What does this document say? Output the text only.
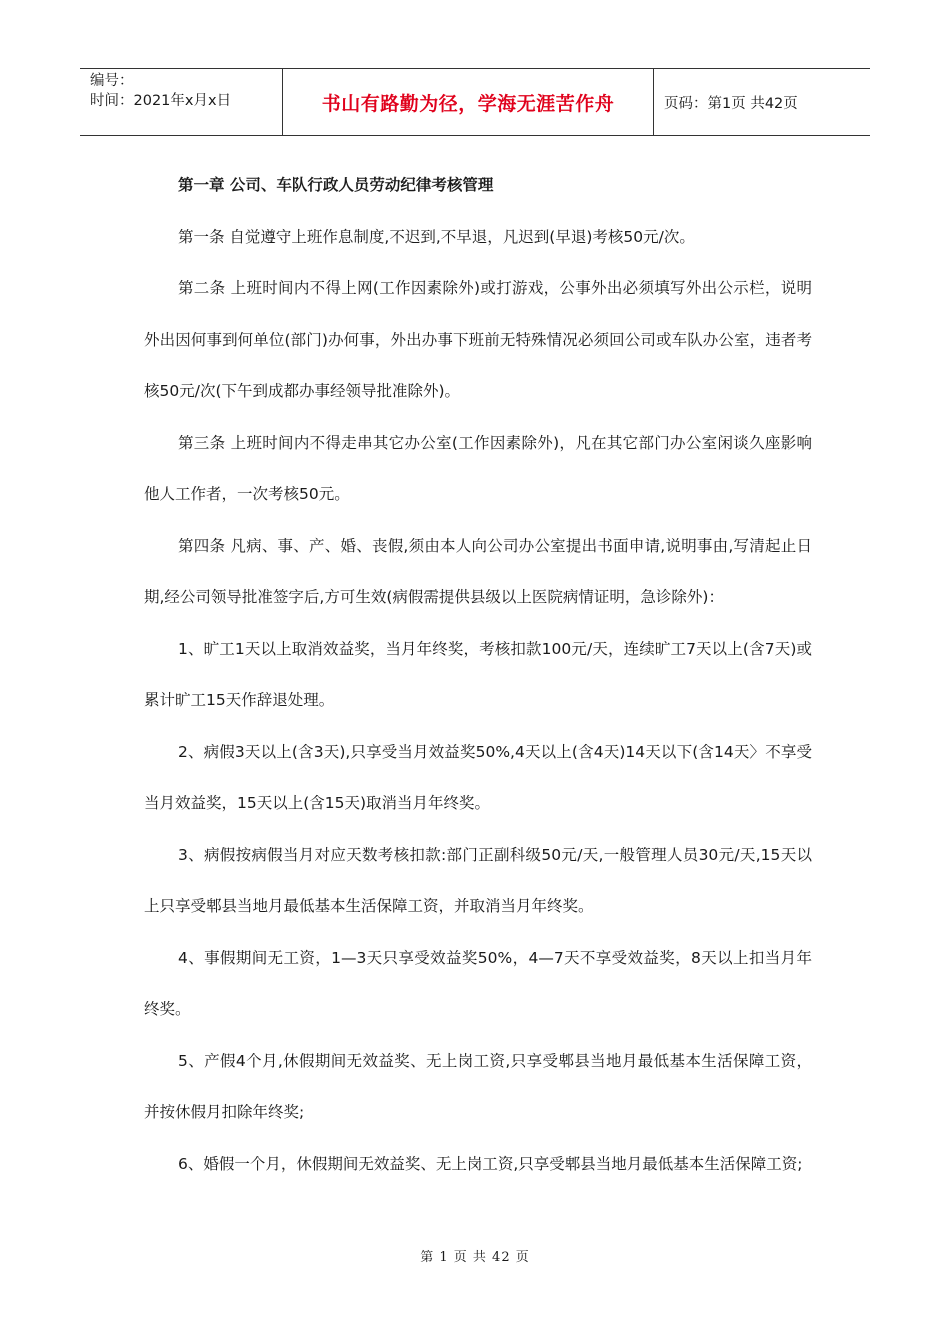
编号：
时间：2021年x月x日	书山有路勤为径，学海无涯苦作舟	页码：第1页 共42页

第一章 公司、车队行政人员劳动纪律考核管理

第一条 自觉遵守上班作息制度,不迟到,不早退，凡迟到(早退)考核50元/次。

第二条 上班时间内不得上网(工作因素除外)或打游戏，公事外出必须填写外出公示栏，说明外出因何事到何单位(部门)办何事，外出办事下班前无特殊情况必须回公司或车队办公室，违者考核50元/次(下午到成都办事经领导批准除外)。

第三条 上班时间内不得走串其它办公室(工作因素除外)，凡在其它部门办公室闲谈久座影响他人工作者，一次考核50元。

第四条 凡病、事、产、婚、丧假,须由本人向公司办公室提出书面申请,说明事由,写清起止日期,经公司领导批准签字后,方可生效(病假需提供县级以上医院病情证明，急诊除外)：

1、旷工1天以上取消效益奖，当月年终奖，考核扣款100元/天，连续旷工7天以上(含7天)或累计旷工15天作辞退处理。

2、病假3天以上(含3天),只享受当月效益奖50%,4天以上(含4天)14天以下(含14天〉不享受当月效益奖，15天以上(含15天)取消当月年终奖。

3、病假按病假当月对应天数考核扣款:部门正副科级50元/天,一般管理人员30元/天,15天以上只享受郫县当地月最低基本生活保障工资，并取消当月年终奖。

4、事假期间无工资，1—3天只享受效益奖50%，4—7天不享受效益奖，8天以上扣当月年终奖。

5、产假4个月,休假期间无效益奖、无上岗工资,只享受郫县当地月最低基本生活保障工资，并按休假月扣除年终奖;

6、婚假一个月，休假期间无效益奖、无上岗工资,只享受郫县当地月最低基本生活保障工资;

第 1 页 共 42 页
